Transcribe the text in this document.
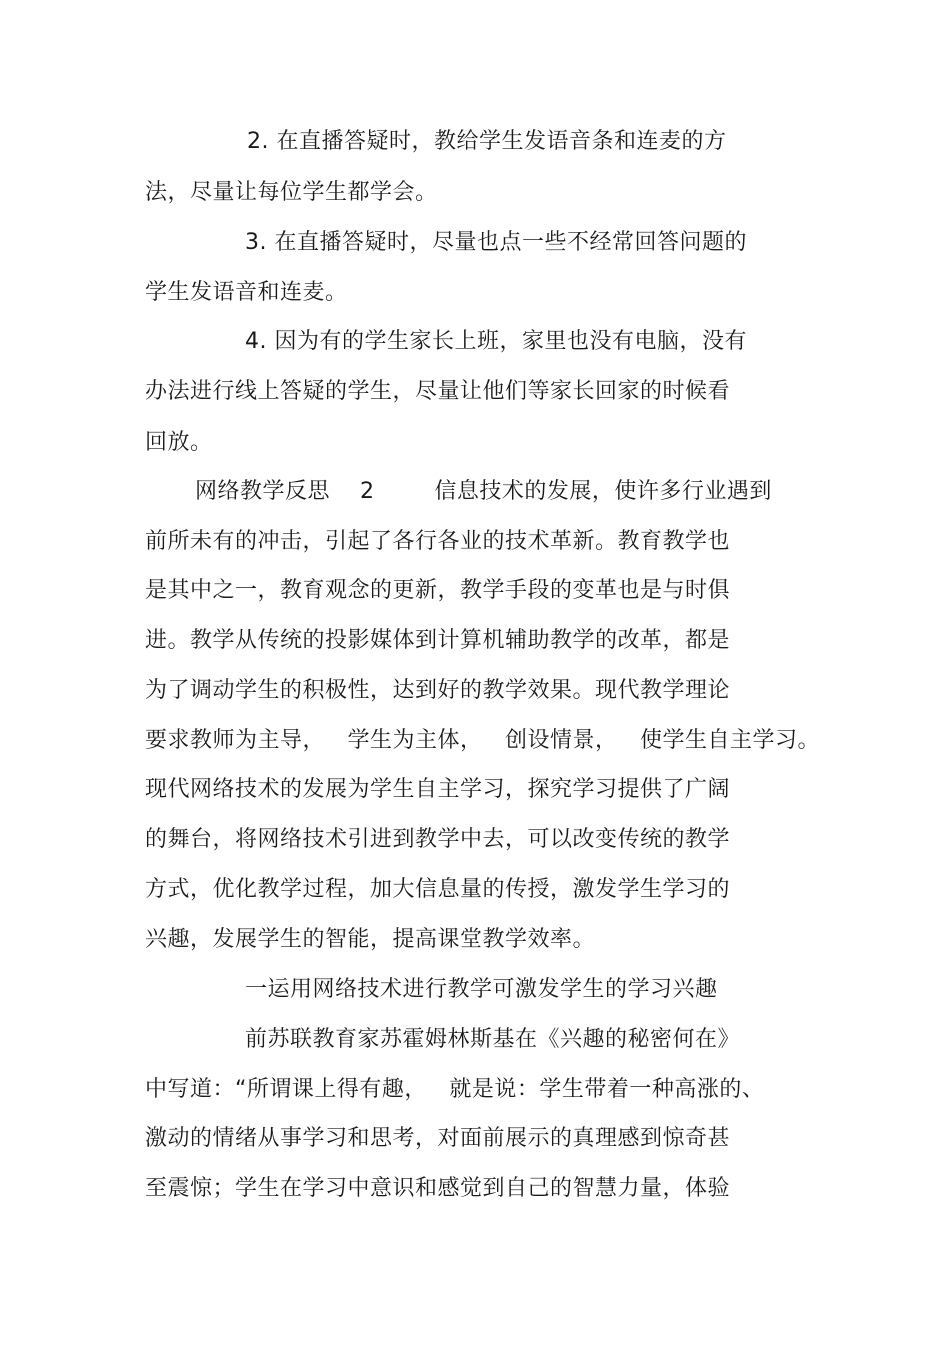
2. 在直播答疑时，教给学生发语音条和连麦的方
法，尽量让每位学生都学会。
3. 在直播答疑时，尽量也点一些不经常回答问题的
学生发语音和连麦。
4. 因为有的学生家长上班，家里也没有电脑，没有
办法进行线上答疑的学生，尽量让他们等家长回家的时候看
回放。
网络教学反思    2        信息技术的发展，使许多行业遇到
前所未有的冲击，引起了各行各业的技术革新。教育教学也
是其中之一，教育观念的更新，教学手段的变革也是与时俱
进。教学从传统的投影媒体到计算机辅助教学的改革，都是
为了调动学生的积极性，达到好的教学效果。现代教学理论
要求教师为主导，   学生为主体，   创设情景，   使学生自主学习。
现代网络技术的发展为学生自主学习，探究学习提供了广阔
的舞台，将网络技术引进到教学中去，可以改变传统的教学
方式，优化教学过程，加大信息量的传授，激发学生学习的
兴趣，发展学生的智能，提高课堂教学效率。
一运用网络技术进行教学可激发学生的学习兴趣
前苏联教育家苏霍姆林斯基在《兴趣的秘密何在》
中写道：“所谓课上得有趣，   就是说：学生带着一种高涨的、
激动的情绪从事学习和思考，对面前展示的真理感到惊奇甚
至震惊；学生在学习中意识和感觉到自己的智慧力量，体验
